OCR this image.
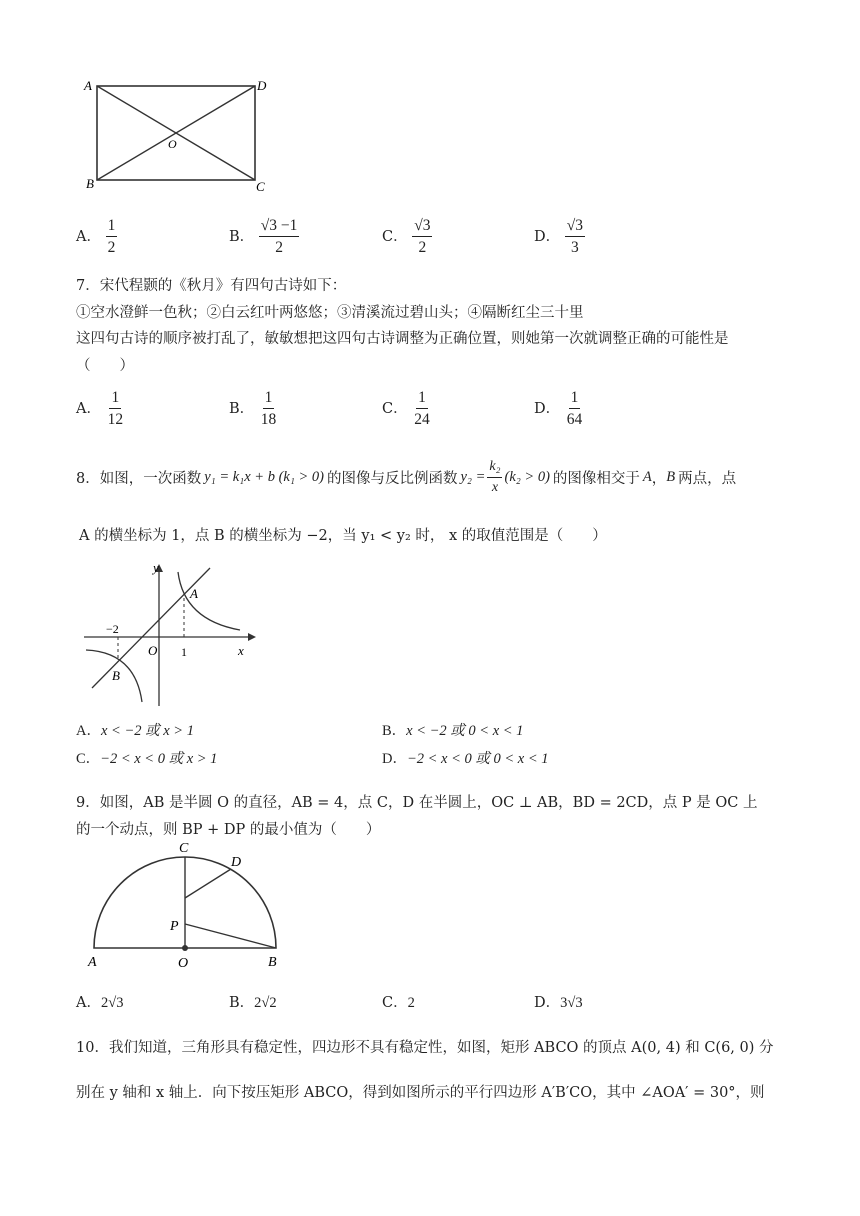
A	D
B	C
O
A． $\frac{1}{2}$	B． $\frac{√3 -1}{2}$	C． $\frac{√3}{2}$	D． $\frac{√3}{3}$
7．宋代程颢的《秋月》有四句古诗如下：
①空水澄鲜一色秋；②白云红叶两悠悠；③清溪流过碧山头；④隔断红尘三十里
这四句古诗的顺序被打乱了，敏敏想把这四句古诗调整为正确位置，则她第一次就调整正确的可能性是
（　　）
A． $\frac{1}{12}$	B． $\frac{1}{18}$	C． $\frac{1}{24}$	D． $\frac{1}{64}$
8．如图，一次函数 y₁ = k₁x + b (k₁ > 0) 的图像与反比例函数 $y_2 = \frac{\text{k₂}}{x} (k_2 > 0)$ 的图像相交于 A ， B 两点，点
A 的横坐标为 1，点 B 的横坐标为 −2，当 y₁ < y₂ 时， x 的取值范围是（　　）
y
x
O
A
B
−2
1
A．x < −2 或 x > 1	B．x < −2 或 0 < x < 1
C．−2 < x < 0 或 x > 1	D．−2 < x < 0 或 0 < x < 1
9．如图，AB 是半圆 O 的直径，AB = 4，点 C，D 在半圆上，OC ⊥ AB，BD = 2CD，点 P 是 OC 上
的一个动点，则 BP + DP 的最小值为（　　）
C
D
P
A	O	B
A．2√3	B．2√2	C．2	D．3√3
10．我们知道，三角形具有稳定性，四边形不具有稳定性，如图，矩形 ABCO 的顶点 A(0, 4) 和 C(6, 0) 分
别在 y 轴和 x 轴上．向下按压矩形 ABCO，得到如图所示的平行四边形 A′B′CO，其中 ∠AOA′ = 30°，则
